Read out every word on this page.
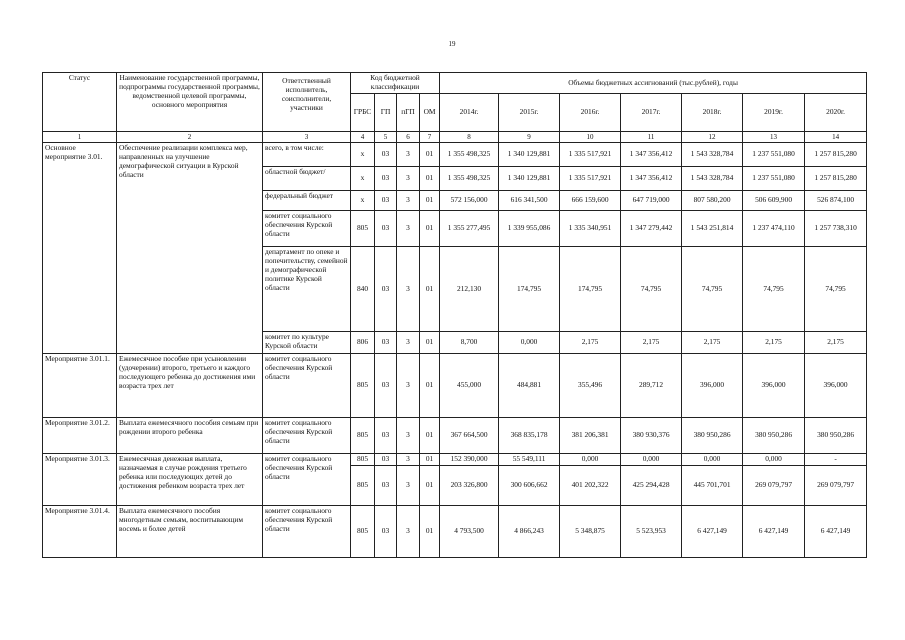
19
Статус	Наименование государственной программы, подпрограммы государственной программы, ведомственной целевой программы, основного мероприятия	Ответственный исполнитель, соисполнители, участники	Код бюджетной классификации				Объемы бюджетных ассигнований (тыс.рублей), годы						
			ГРБС	ГП	пГП	ОМ	2014г.	2015г.	2016г.	2017г.	2018г.	2019г.	2020г.
1	2	3	4	5	6	7	8	9	10	11	12	13	14
Основное мероприятие 3.01.	Обеспечение реализации комплекса мер, направленных на улучшение демографической ситуации в Курской области	всего, в том числе:	x	03	3	01	1 355 498,325	1 340 129,881	1 335 517,921	1 347 356,412	1 543 328,784	1 237 551,080	1 257 815,280
		областной бюджет/	x	03	3	01	1 355 498,325	1 340 129,881	1 335 517,921	1 347 356,412	1 543 328,784	1 237 551,080	1 257 815,280
		федеральный бюджет	x	03	3	01	572 156,000	616 341,500	666 159,600	647 719,000	807 580,200	506 609,900	526 874,100
		комитет социального обеспечения Курской области	805	03	3	01	1 355 277,495	1 339 955,086	1 335 340,951	1 347 279,442	1 543 251,814	1 237 474,110	1 257 738,310
		департамент по опеке и попечительству, семейной и демографической политике Курской области	840	03	3	01	212,130	174,795	174,795	74,795	74,795	74,795	74,795
		комитет по культуре Курской области	806	03	3	01	8,700	0,000	2,175	2,175	2,175	2,175	2,175
Мероприятие 3.01.1.	Ежемесячное пособие при усыновлении (удочерении) второго, третьего и каждого последующего ребенка до достижения ими возраста трех лет	комитет социального обеспечения Курской области	805	03	3	01	455,000	484,881	355,496	289,712	396,000	396,000	396,000
Мероприятие 3.01.2.	Выплата ежемесячного пособия семьям при рождении второго ребенка	комитет социального обеспечения Курской области	805	03	3	01	367 664,500	368 835,178	381 206,381	380 930,376	380 950,286	380 950,286	380 950,286
Мероприятие 3.01.3.	Ежемесячная денежная выплата, назначаемая в случае рождения третьего ребенка или последующих детей до достижения ребенком возраста трех лет	комитет социального обеспечения Курской области	805	03	3	01	152 390,000	55 549,111	0,000	0,000	0,000	0,000	-
			805	03	3	01	203 326,800	300 606,662	401 202,322	425 294,428	445 701,701	269 079,797	269 079,797
Мероприятие 3.01.4.	Выплата ежемесячного пособия многодетным семьям, воспитывающим восемь и более детей	комитет социального обеспечения Курской области	805	03	3	01	4 793,500	4 866,243	5 348,875	5 523,953	6 427,149	6 427,149	6 427,149
